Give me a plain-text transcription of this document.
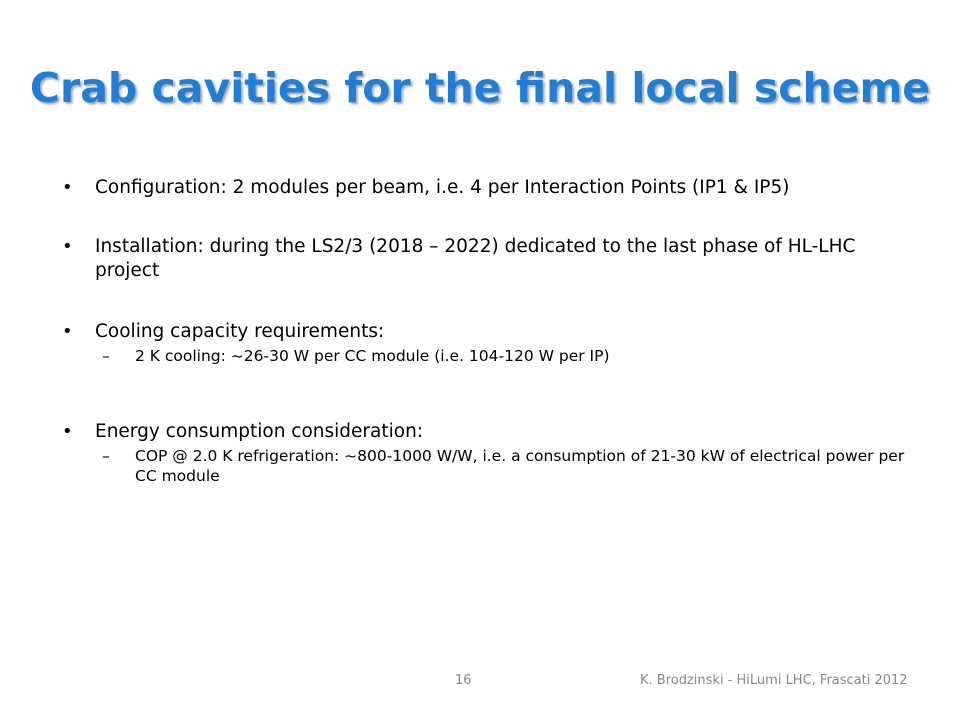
Crab cavities for the final local scheme
• Configuration: 2 modules per beam, i.e. 4 per Interaction Points (IP1 & IP5)
• Installation: during the LS2/3 (2018 – 2022) dedicated to the last phase of HL-LHC project
• Cooling capacity requirements:
– 2 K cooling: ~26-30 W per CC module (i.e. 104-120 W per IP)
• Energy consumption consideration:
– COP @ 2.0 K refrigeration: ~800-1000 W/W, i.e. a consumption of 21-30 kW of electrical power per CC module
16	K. Brodzinski - HiLumi LHC, Frascati 2012
